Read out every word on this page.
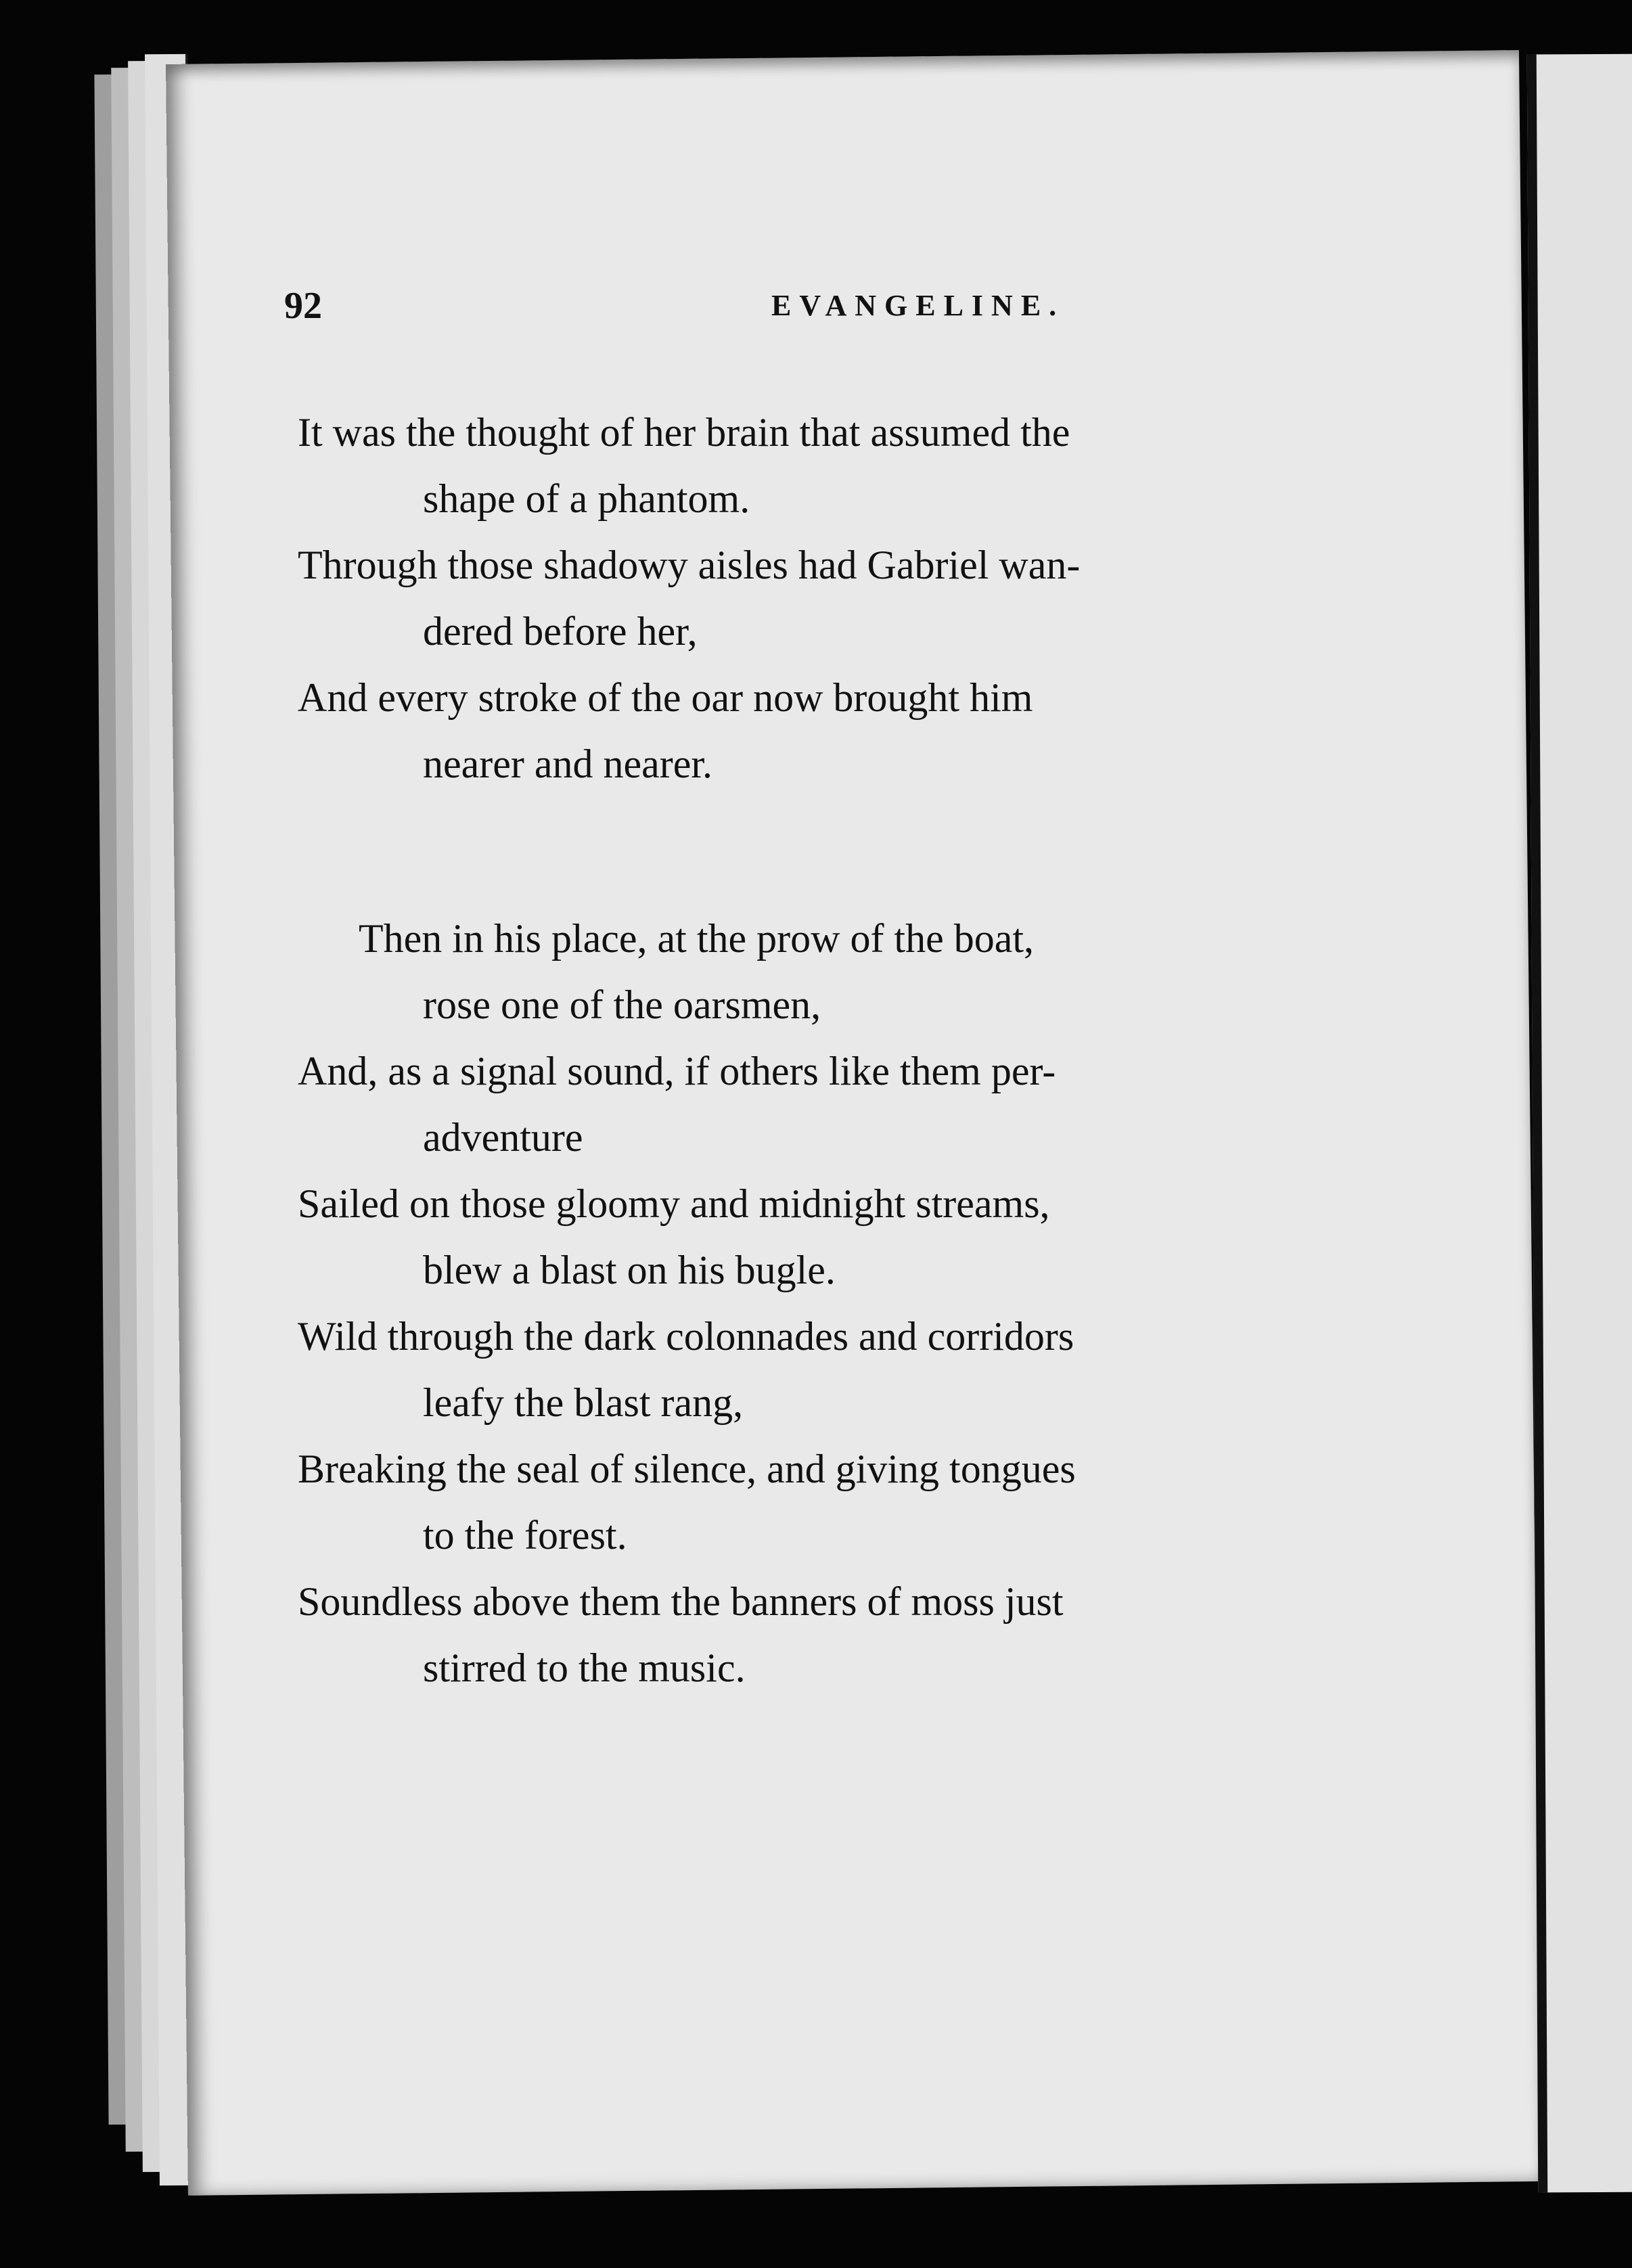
92	EVANGELINE.
It was the thought of her brain that assumed the
shape of a phantom.
Through those shadowy aisles had Gabriel wan-
dered before her,
And every stroke of the oar now brought him
nearer and nearer.
Then in his place, at the prow of the boat,
rose one of the oarsmen,
And, as a signal sound, if others like them per-
adventure
Sailed on those gloomy and midnight streams,
blew a blast on his bugle.
Wild through the dark colonnades and corridors
leafy the blast rang,
Breaking the seal of silence, and giving tongues
to the forest.
Soundless above them the banners of moss just
stirred to the music.
